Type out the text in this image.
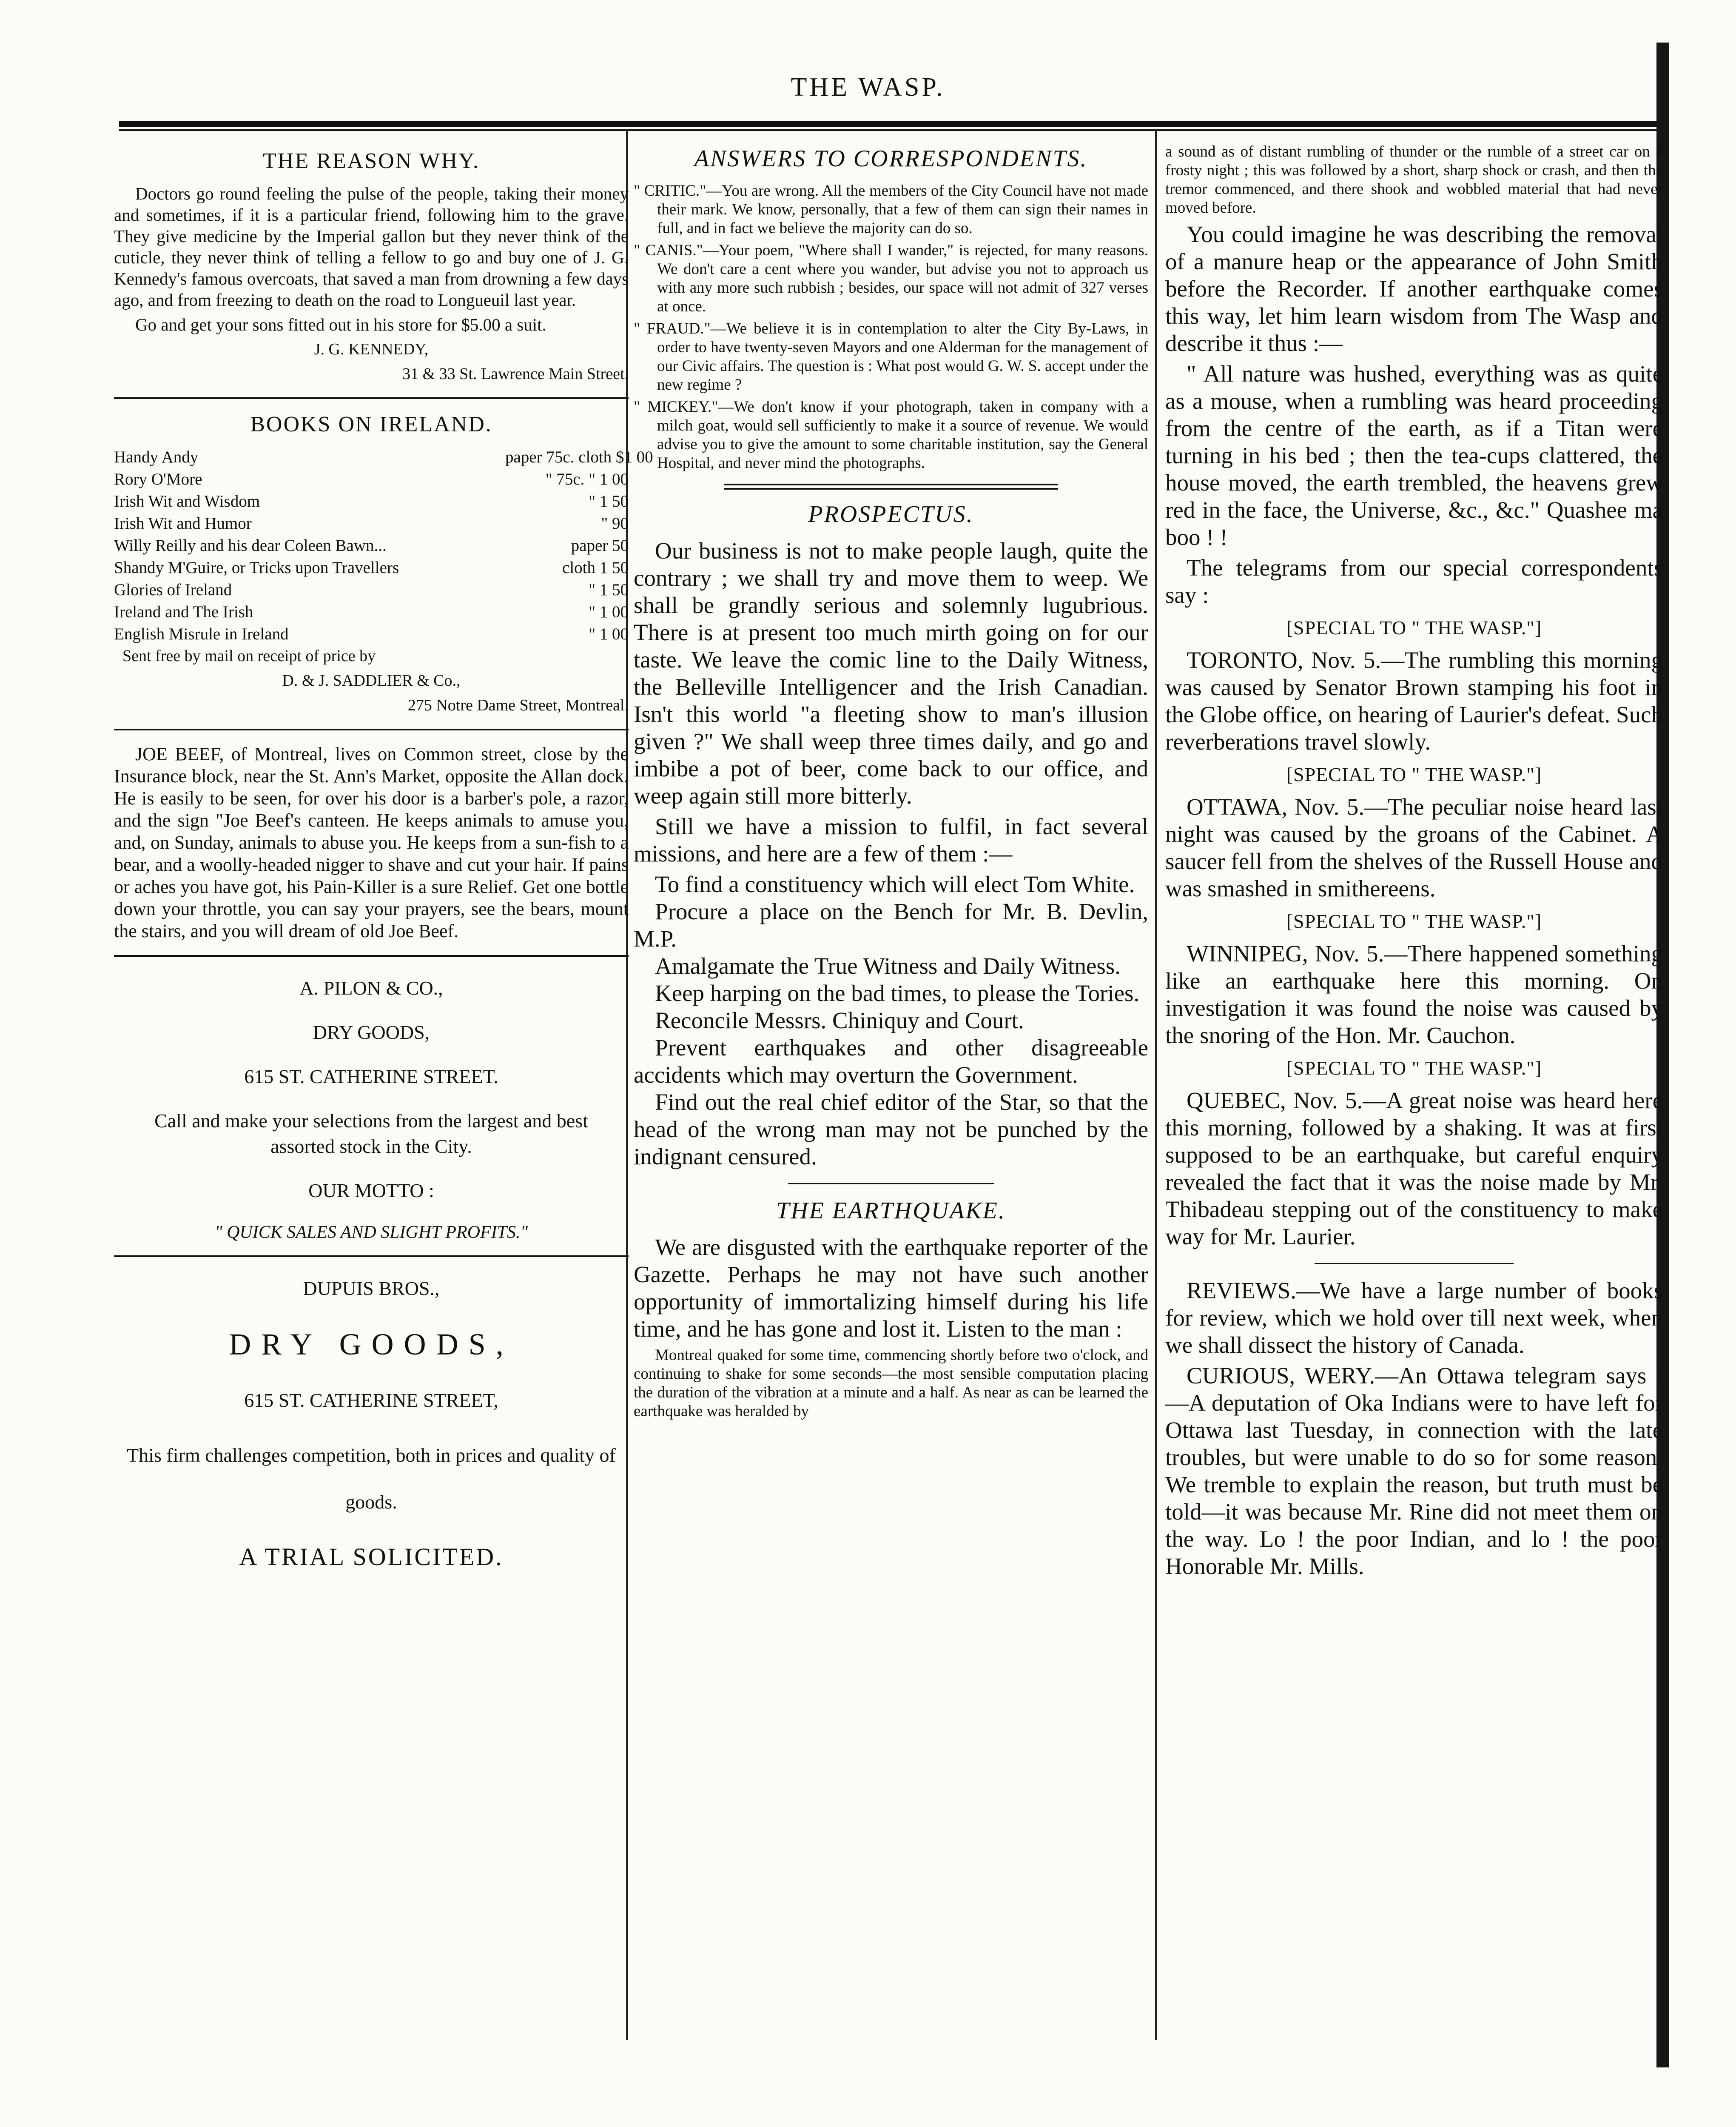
THE WASP.
THE REASON WHY.

Doctors go round feeling the pulse of the people, taking their money and sometimes, if it is a particular friend, following him to the grave. They give medicine by the Imperial gallon but they never think of the cuticle, they never think of telling a fellow to go and buy one of J. G. Kennedy's famous overcoats, that saved a man from drowning a few days ago, and from freezing to death on the road to Longueuil last year.

Go and get your sons fitted out in his store for $5.00 a suit.

J. G. KENNEDY,

31 & 33 St. Lawrence Main Street.

BOOKS ON IRELAND.
Handy Andy	paper 75c. cloth $1 00
Rory O'More	" 75c. " 1 00
Irish Wit and Wisdom	" 1 50
Irish Wit and Humor	" 90
Willy Reilly and his dear Coleen Bawn...	paper 50
Shandy M'Guire, or Tricks upon Travellers	cloth 1 50
Glories of Ireland	" 1 50
Ireland and The Irish	" 1 00
English Misrule in Ireland	" 1 00

Sent free by mail on receipt of price by

D. & J. SADDLIER & Co.,

275 Notre Dame Street, Montreal.

JOE BEEF, of Montreal, lives on Common street, close by the Insurance block, near the St. Ann's Market, opposite the Allan dock. He is easily to be seen, for over his door is a barber's pole, a razor, and the sign "Joe Beef's canteen. He keeps animals to amuse you, and, on Sunday, animals to abuse you. He keeps from a sun-fish to a bear, and a woolly-headed nigger to shave and cut your hair. If pains or aches you have got, his Pain-Killer is a sure Relief. Get one bottle down your throttle, you can say your prayers, see the bears, mount the stairs, and you will dream of old Joe Beef.

A. PILON & CO.,
DRY GOODS,
615 ST. CATHERINE STREET.
Call and make your selections from the largest and best assorted stock in the City.
OUR MOTTO :
" QUICK SALES AND SLIGHT PROFITS."
DUPUIS BROS.,
DRY GOODS,
615 ST. CATHERINE STREET,
This firm challenges competition, both in prices and quality of goods.
A TRIAL SOLICITED.
ANSWERS TO CORRESPONDENTS.

" CRITIC."—You are wrong. All the members of the City Council have not made their mark. We know, personally, that a few of them can sign their names in full, and in fact we believe the majority can do so.

" CANIS."—Your poem, "Where shall I wander," is rejected, for many reasons. We don't care a cent where you wander, but advise you not to approach us with any more such rubbish ; besides, our space will not admit of 327 verses at once.

" FRAUD."—We believe it is in contemplation to alter the City By-Laws, in order to have twenty-seven Mayors and one Alderman for the management of our Civic affairs. The question is : What post would G. W. S. accept under the new regime ?

" MICKEY."—We don't know if your photograph, taken in company with a milch goat, would sell sufficiently to make it a source of revenue. We would advise you to give the amount to some charitable institution, say the General Hospital, and never mind the photographs.

PROSPECTUS.

Our business is not to make people laugh, quite the contrary ; we shall try and move them to weep. We shall be grandly serious and solemnly lugubrious. There is at present too much mirth going on for our taste. We leave the comic line to the Daily Witness, the Belleville Intelligencer and the Irish Canadian. Isn't this world "a fleeting show to man's illusion given ?" We shall weep three times daily, and go and imbibe a pot of beer, come back to our office, and weep again still more bitterly.

Still we have a mission to fulfil, in fact several missions, and here are a few of them :—

To find a constituency which will elect Tom White.

Procure a place on the Bench for Mr. B. Devlin, M.P.

Amalgamate the True Witness and Daily Witness.

Keep harping on the bad times, to please the Tories.

Reconcile Messrs. Chiniquy and Court.

Prevent earthquakes and other disagreeable accidents which may overturn the Government.

Find out the real chief editor of the Star, so that the head of the wrong man may not be punched by the indignant censured.

THE EARTHQUAKE.

We are disgusted with the earthquake reporter of the Gazette. Perhaps he may not have such another opportunity of immortalizing himself during his life time, and he has gone and lost it. Listen to the man :

Montreal quaked for some time, commencing shortly before two o'clock, and continuing to shake for some seconds—the most sensible computation placing the duration of the vibration at a minute and a half. As near as can be learned the earthquake was heralded by

a sound as of distant rumbling of thunder or the rumble of a street car on a frosty night ; this was followed by a short, sharp shock or crash, and then the tremor commenced, and there shook and wobbled material that had never moved before.

You could imagine he was describing the removal of a manure heap or the appearance of John Smith before the Recorder. If another earthquake comes this way, let him learn wisdom from The Wasp and describe it thus :—

" All nature was hushed, everything was as quite as a mouse, when a rumbling was heard proceeding from the centre of the earth, as if a Titan were turning in his bed ; then the tea-cups clattered, the house moved, the earth trembled, the heavens grew red in the face, the Universe, &c., &c." Quashee ma boo ! !

The telegrams from our special correspondents say :

[SPECIAL TO " THE WASP."]

TORONTO, Nov. 5.—The rumbling this morning was caused by Senator Brown stamping his foot in the Globe office, on hearing of Laurier's defeat. Such reverberations travel slowly.

[SPECIAL TO " THE WASP."]

OTTAWA, Nov. 5.—The peculiar noise heard last night was caused by the groans of the Cabinet. A saucer fell from the shelves of the Russell House and was smashed in smithereens.

[SPECIAL TO " THE WASP."]

WINNIPEG, Nov. 5.—There happened something like an earthquake here this morning. On investigation it was found the noise was caused by the snoring of the Hon. Mr. Cauchon.

[SPECIAL TO " THE WASP."]

QUEBEC, Nov. 5.—A great noise was heard here this morning, followed by a shaking. It was at first supposed to be an earthquake, but careful enquiry revealed the fact that it was the noise made by Mr. Thibadeau stepping out of the constituency to make way for Mr. Laurier.

REVIEWS.—We have a large number of books for review, which we hold over till next week, when we shall dissect the history of Canada.

CURIOUS, WERY.—An Ottawa telegram says :—A deputation of Oka Indians were to have left for Ottawa last Tuesday, in connection with the late troubles, but were unable to do so for some reason. We tremble to explain the reason, but truth must be told—it was because Mr. Rine did not meet them on the way. Lo ! the poor Indian, and lo ! the poor Honorable Mr. Mills.
